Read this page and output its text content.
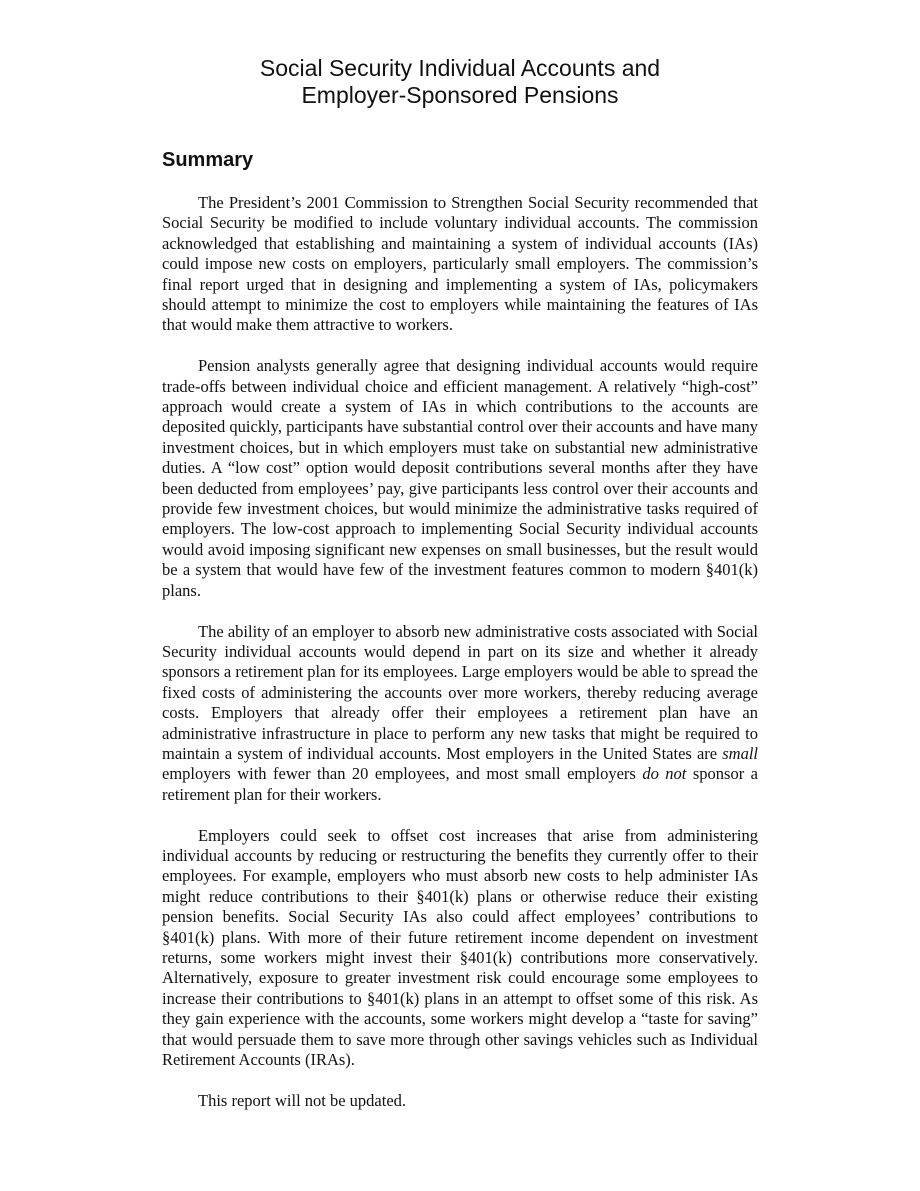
Social Security Individual Accounts and
Employer-Sponsored Pensions
Summary

The President’s 2001 Commission to Strengthen Social Security recommended that Social Security be modified to include voluntary individual accounts. The commission acknowledged that establishing and maintaining a system of individual accounts (IAs) could impose new costs on employers, particularly small employers. The commission’s final report urged that in designing and implementing a system of IAs, policymakers should attempt to minimize the cost to employers while maintaining the features of IAs that would make them attractive to workers.

Pension analysts generally agree that designing individual accounts would require trade-offs between individual choice and efficient management. A relatively “high-cost” approach would create a system of IAs in which contributions to the accounts are deposited quickly, participants have substantial control over their accounts and have many investment choices, but in which employers must take on substantial new administrative duties. A “low cost” option would deposit contributions several months after they have been deducted from employees’ pay, give participants less control over their accounts and provide few investment choices, but would minimize the administrative tasks required of employers. The low-cost approach to implementing Social Security individual accounts would avoid imposing significant new expenses on small businesses, but the result would be a system that would have few of the investment features common to modern §401(k) plans.

The ability of an employer to absorb new administrative costs associated with Social Security individual accounts would depend in part on its size and whether it already sponsors a retirement plan for its employees. Large employers would be able to spread the fixed costs of administering the accounts over more workers, thereby reducing average costs. Employers that already offer their employees a retirement plan have an administrative infrastructure in place to perform any new tasks that might be required to maintain a system of individual accounts. Most employers in the United States are small employers with fewer than 20 employees, and most small employers do not sponsor a retirement plan for their workers.

Employers could seek to offset cost increases that arise from administering individual accounts by reducing or restructuring the benefits they currently offer to their employees. For example, employers who must absorb new costs to help administer IAs might reduce contributions to their §401(k) plans or otherwise reduce their existing pension benefits. Social Security IAs also could affect employees’ contributions to §401(k) plans. With more of their future retirement income dependent on investment returns, some workers might invest their §401(k) contributions more conservatively. Alternatively, exposure to greater investment risk could encourage some employees to increase their contributions to §401(k) plans in an attempt to offset some of this risk. As they gain experience with the accounts, some workers might develop a “taste for saving” that would persuade them to save more through other savings vehicles such as Individual Retirement Accounts (IRAs).

This report will not be updated.
